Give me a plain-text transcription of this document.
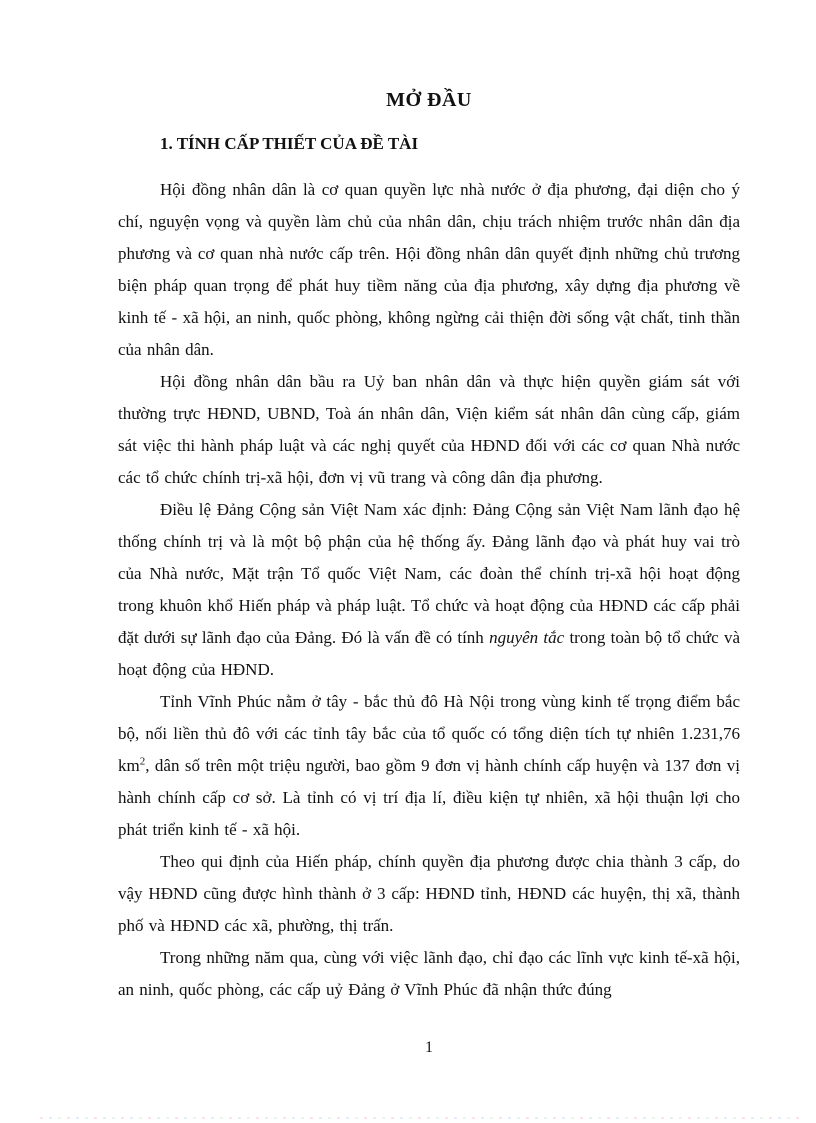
MỞ ĐẦU
1. TÍNH CẤP THIẾT CỦA ĐỀ TÀI

Hội đồng nhân dân là cơ quan quyền lực nhà nước ở địa phương, đại diện cho ý chí, nguyện vọng và quyền làm chủ của nhân dân, chịu trách nhiệm trước nhân dân địa phương và cơ quan nhà nước cấp trên. Hội đồng nhân dân quyết định những chủ trương biện pháp quan trọng để phát huy tiềm năng của địa phương, xây dựng địa phương về kinh tế - xã hội, an ninh, quốc phòng, không ngừng cải thiện đời sống vật chất, tinh thần của nhân dân.

Hội đồng nhân dân bầu ra Uỷ ban nhân dân và thực hiện quyền giám sát với thường trực HĐND, UBND, Toà án nhân dân, Viện kiểm sát nhân dân cùng cấp, giám sát việc thi hành pháp luật và các nghị quyết của HĐND đối với các cơ quan Nhà nước các tổ chức chính trị-xã hội, đơn vị vũ trang và công dân địa phương.

Điều lệ Đảng Cộng sản Việt Nam xác định: Đảng Cộng sản Việt Nam lãnh đạo hệ thống chính trị và là một bộ phận của hệ thống ấy. Đảng lãnh đạo và phát huy vai trò của Nhà nước, Mặt trận Tổ quốc Việt Nam, các đoàn thể chính trị-xã hội hoạt động trong khuôn khổ Hiến pháp và pháp luật. Tổ chức và hoạt động của HĐND các cấp phải đặt dưới sự lãnh đạo của Đảng. Đó là vấn đề có tính nguyên tắc trong toàn bộ tổ chức và hoạt động của HĐND.

Tỉnh Vĩnh Phúc nằm ở tây - bắc thủ đô Hà Nội trong vùng kinh tế trọng điểm bắc bộ, nối liền thủ đô với các tỉnh tây bắc của tổ quốc có tổng diện tích tự nhiên 1.231,76 $km^2$, dân số trên một triệu người, bao gồm 9 đơn vị hành chính cấp huyện và 137 đơn vị hành chính cấp cơ sở. Là tỉnh có vị trí địa lí, điều kiện tự nhiên, xã hội thuận lợi cho phát triển kinh tế - xã hội.

Theo qui định của Hiến pháp, chính quyền địa phương được chia thành 3 cấp, do vậy HĐND cũng được hình thành ở 3 cấp: HĐND tỉnh, HĐND các huyện, thị xã, thành phố và HĐND các xã, phường, thị trấn.

Trong những năm qua, cùng với việc lãnh đạo, chỉ đạo các lĩnh vực kinh tế-xã hội, an ninh, quốc phòng, các cấp uỷ Đảng ở Vĩnh Phúc đã nhận thức đúng

1
